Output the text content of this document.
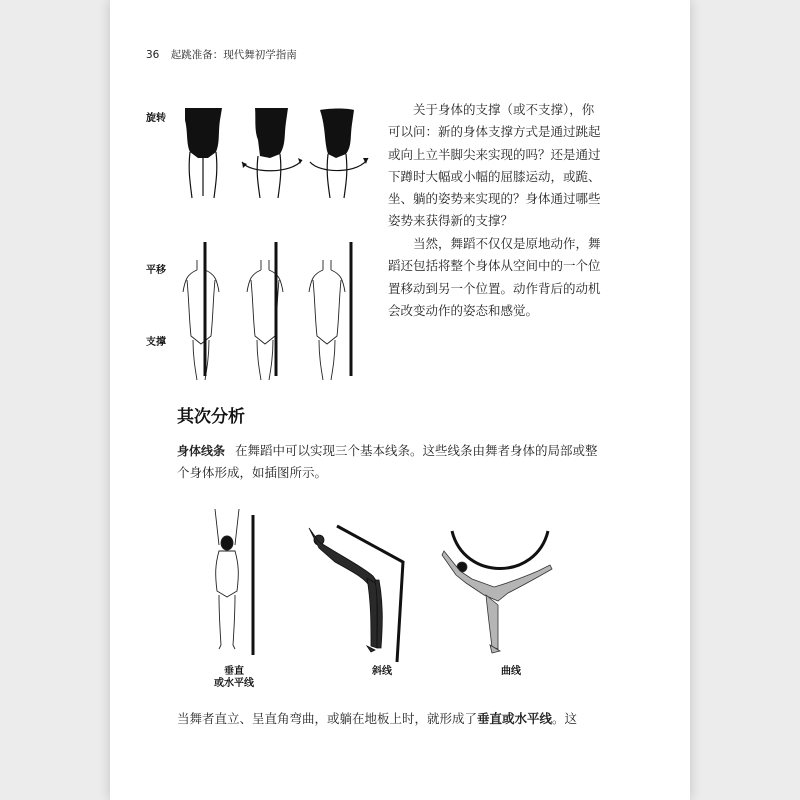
36 起跳准备：现代舞初学指南
旋转
平移
支撑

关于身体的支撑（或不支撑），你可以问：新的身体支撑方式是通过跳起或向上立半脚尖来实现的吗？还是通过下蹲时大幅或小幅的屈膝运动，或跪、坐、躺的姿势来实现的？身体通过哪些姿势来获得新的支撑？

当然，舞蹈不仅仅是原地动作，舞蹈还包括将整个身体从空间中的一个位置移动到另一个位置。动作背后的动机会改变动作的姿态和感觉。

其次分析

身体线条 在舞蹈中可以实现三个基本线条。这些线条由舞者身体的局部或整个身体形成，如插图所示。

垂直
或水平线
斜线	曲线

当舞者直立、呈直角弯曲，或躺在地板上时，就形成了垂直或水平线。这
